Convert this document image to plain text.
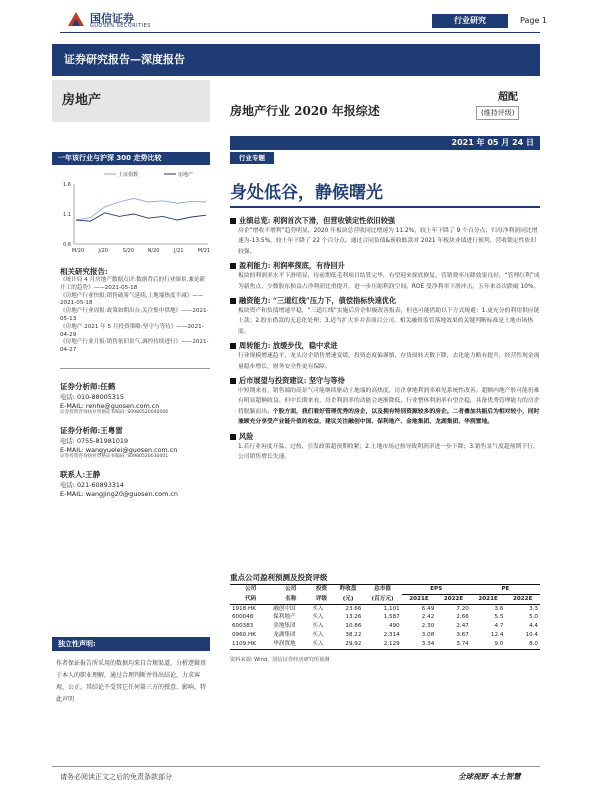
国信证券
GUOSEN SECURITIES
行业研究	Page 1
证券研究报告—深度报告
房地产
房地产行业 2020 年报综述
超配
(维持评级)
2021 年 05 月 24 日
一年该行业与沪深 300 走势比较
上证指数	房地产
1.6
1.1
0.6
M/20	J/20	S/20	N/20	J/21	M/21
相关研究报告:
《统计局 4 月房地产数据点评:数据背后的行业图景,兼论新开工的趋势》——2021-05-18
《房地产行业快报:销售破雾气延续,土地端热度不减》——2021-05-18
《房地产行业周报:政策如期出台,关注集中供地》——2021-05-13
《房地产 2021 年 5 月投资策略:坚守与等待》——2021-04-29
《房地产行业月报:销售依旧景气,调控持续进行》——2021-04-27
证券分析师:任鹤
电话: 010-88005315
E-MAIL: renhe@guosen.com.cn
证券投资咨询执业资格证书编码: S0980520040006
证券分析师:王粤雷
电话: 0755-81981019
E-MAIL: wangyuelei@guosen.com.cn
证券投资咨询执业资格证书编码: S0980520030001
联系人:王静
电话: 021-60893314
E-MAIL: wangjing20@guosen.com.cn
独立性声明:
作者保证报告所采用的数据均来自合规渠道，分析逻辑基于本人的职业理解，通过合理判断并得出结论，力求客观、公正，其结论不受其它任何第三方的授意、影响，特此声明
行业专题
身处低谷，静候曙光
业绩总览: 利润首次下滑，但营收锁定性依旧较强
房企“增收不增利”趋势明显，2020 年板块总营收同比增速为 11.2%，较上年下降了 9 个百分点；归母净利润同比增速为-13.5%，较上年下降了 22 个百分点。通过合同负债&预收账款对 2021 年板块业绩进行预判，营收锁定性依旧较强。
盈利能力: 利润率探底，有待回升
板块的利润率水平下滑明显，待前期低毛利项目结算完毕，有望迎来探底修复。营销费率压降效果良好，“管理红利”成为新焦点，少数股东损益占净利润比重提升，进一步压缩利润空间。ROE 受净利率下滑冲击，五年来首次跌破 10%。
融资能力: “三道红线”压力下，债偿指标快速优化
板块资产和负债增速平稳，“三道红线”实施后房企积极改善报表，但也可能借助以下方式规避：1.更充分的利用供应链上款；2.股东借款的无息化处理；3.适当扩大非并表项目公司。相关融资监管落地效果的关键判断标准是土地市场热度。
周转能力: 放缓步伐，稳中求进
行业规模增速趋平，龙头房企销售增速变缓，投资态度偏谨慎，存货周转天数下降，去化能力略有提升，经营性现金流量稳步增长，财务安全性更有保障。
后市展望与投资建议: 坚守与等待
中短期来看，销售端的高景气可能继续驱动土地端的高热度，房企拿地利润率难见系统性改善。超额内地产股可能仍难有明显超额收益。但中长期来看，房企利润率的动能会逐渐降低，行业整体利润率有望企稳，具备优秀管理能力的房企将脱颖而出。个股方面，我们看好管理优秀的房企，以及拥有特别资源较多的房企。二者叠加共振后为相对较小，同时兼顾充分享受产业链升值的收益，建议关注融创中国、保利地产、金地集团、龙湖集团、华润置地。
风险
1.若行业再度开温、过热，引发政策超预期收紧；2.土地市场过热导致利润率进一步下降；3.销售景气度超预期下行，公司销售增长失速。
重点公司盈利预测及投资评级
公司	公司	投资	昨收盘	总市值	EPS		PE	
代码	名称	评级	(元)	(百万元)	2021E	2022E	2021E	2022E
1918.HK	融创中国	买入	23.66	1,101	6.49	7.20	3.6	3.3
600048	保利地产	买入	13.26	1,587	2.42	2.66	5.5	5.0
600383	金地集团	买入	10.86	490	2.30	2.47	4.7	4.4
0960.HK	龙湖集团	买入	38.22	2,314	3.08	3.67	12.4	10.4
1109.HK	华润置地	买入	29.92	2,129	3.34	3.74	9.0	8.0
资料来源: Wind、国信证券经济研究所预测
请务必阅读正文之后的免责条款部分	全球视野 本土智慧
